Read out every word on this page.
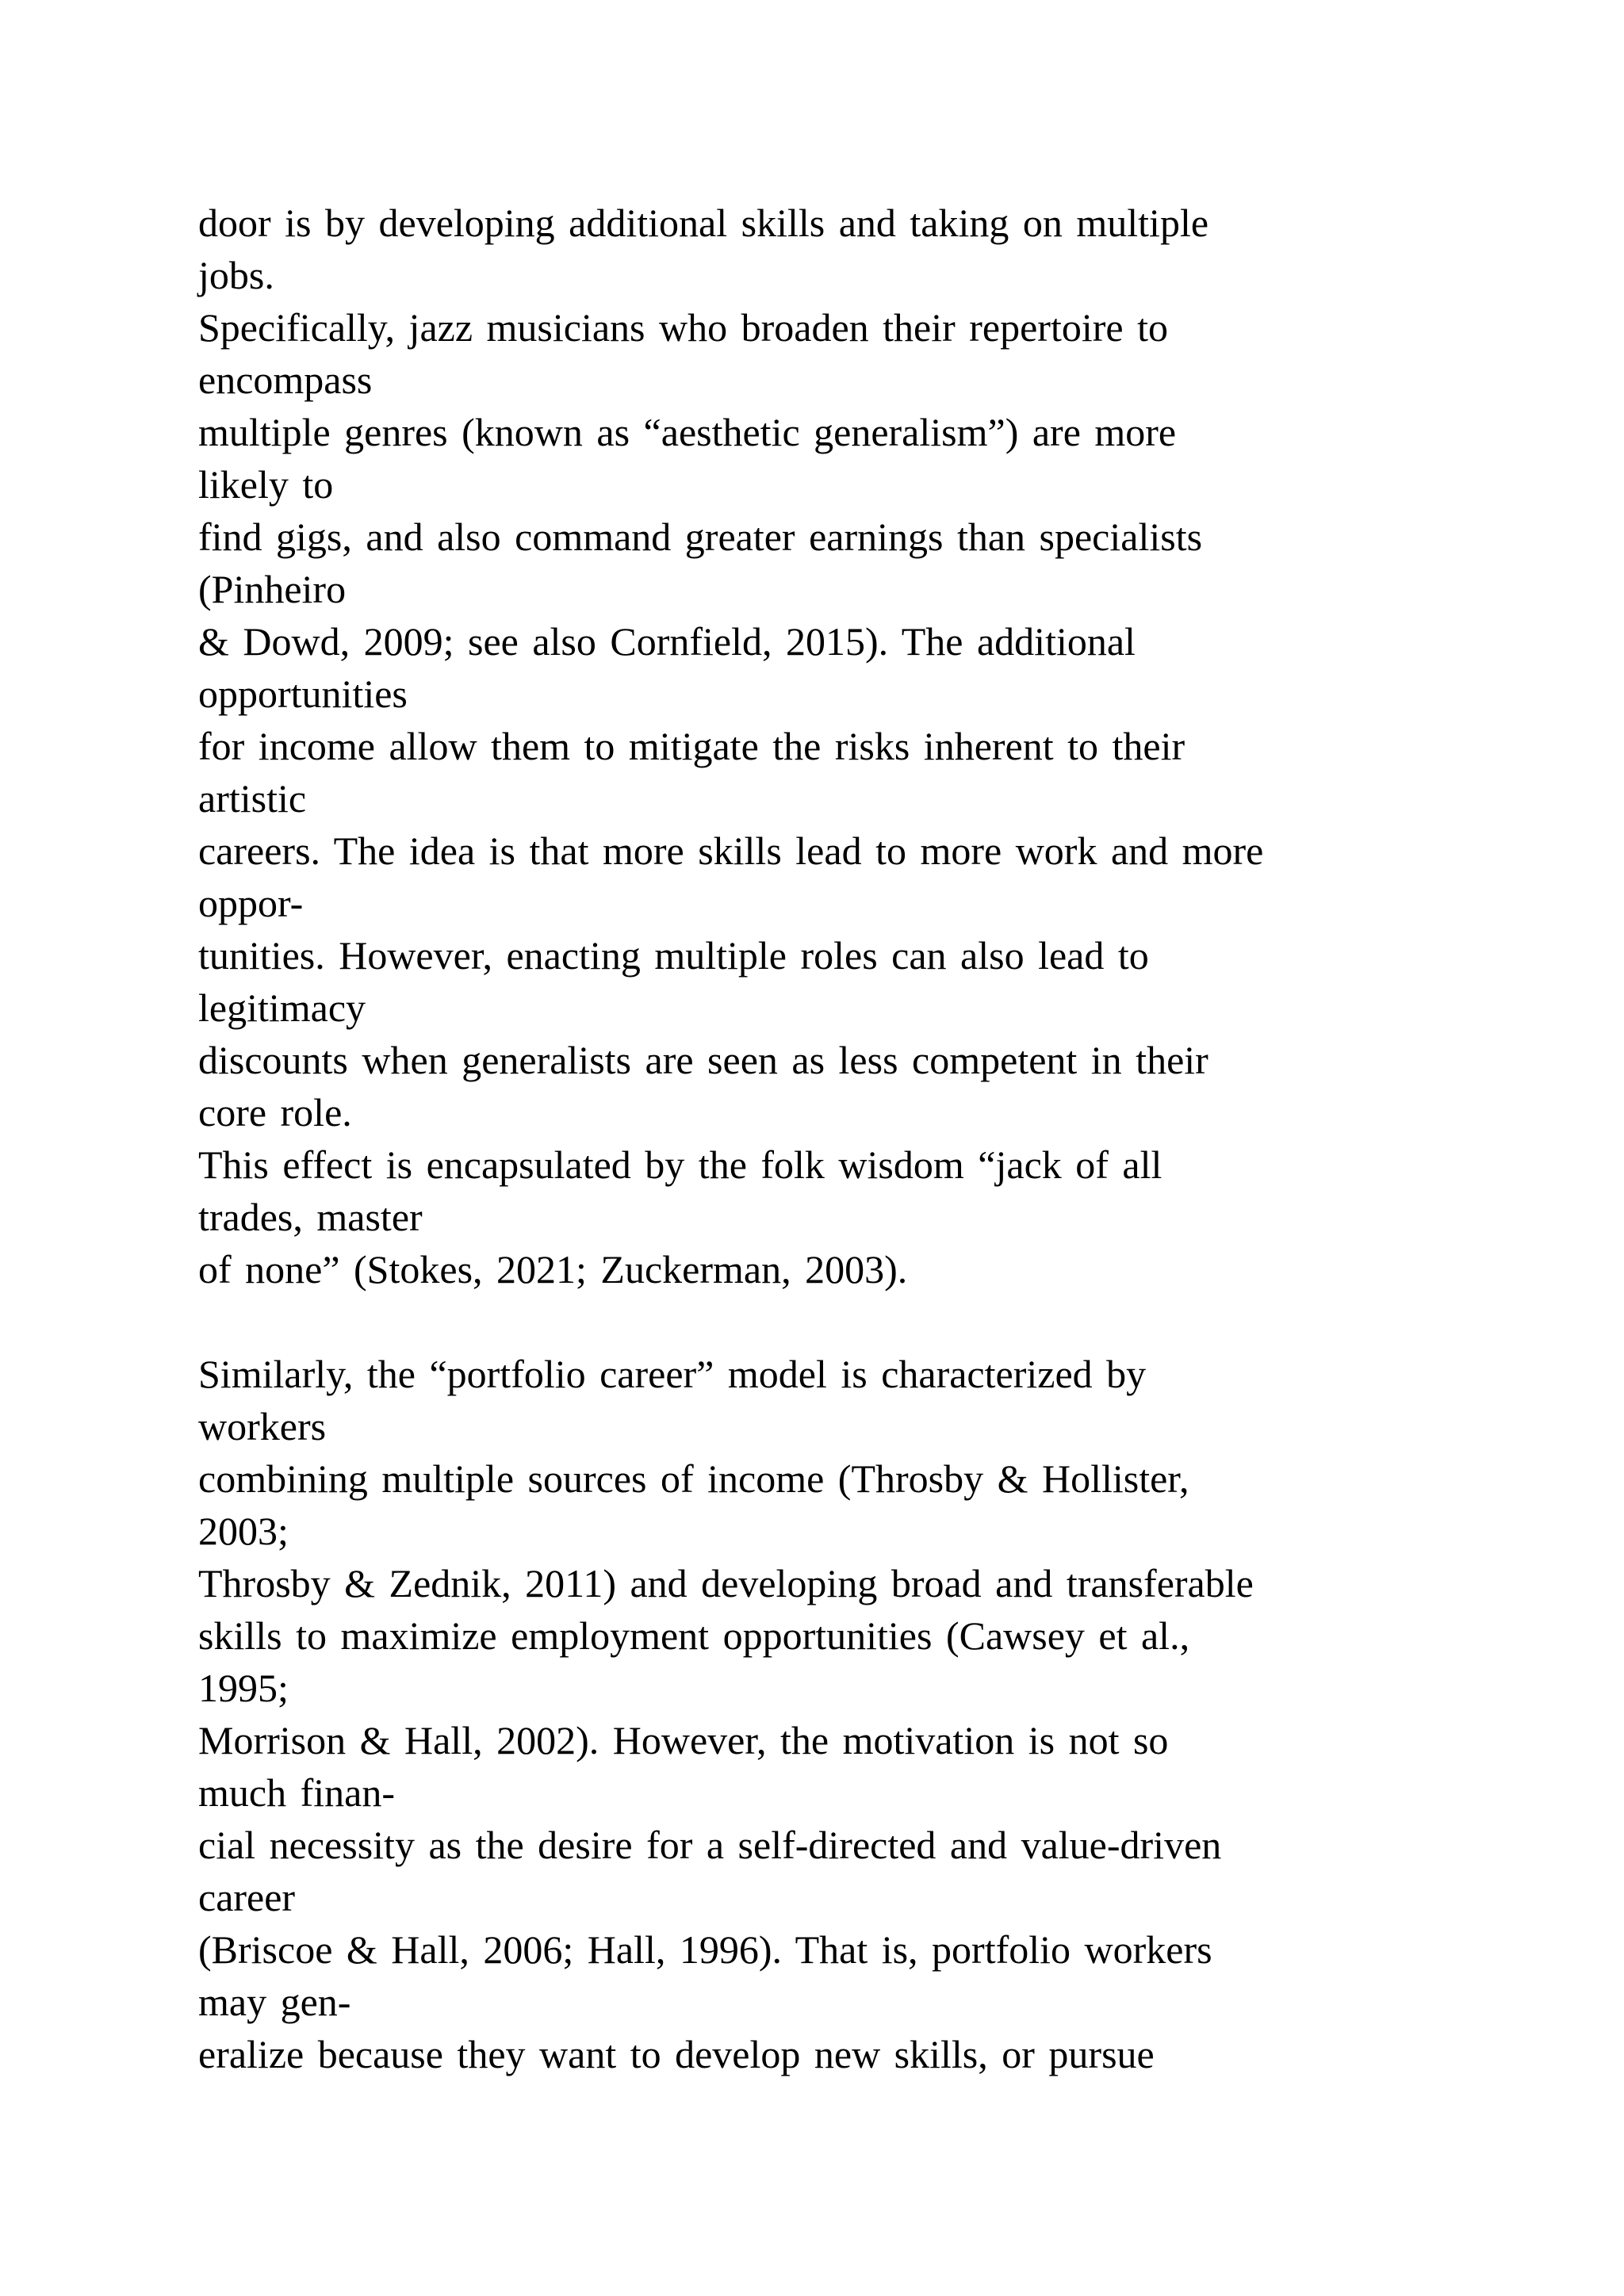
door is by developing additional skills and taking on multiple
jobs.
Specifically, jazz musicians who broaden their repertoire to
encompass
multiple genres (known as “aesthetic generalism”) are more
likely to
find gigs, and also command greater earnings than specialists
(Pinheiro
& Dowd, 2009; see also Cornfield, 2015). The additional
opportunities
for income allow them to mitigate the risks inherent to their
artistic
careers. The idea is that more skills lead to more work and more
oppor-
tunities. However, enacting multiple roles can also lead to
legitimacy
discounts when generalists are seen as less competent in their
core role.
This effect is encapsulated by the folk wisdom “jack of all
trades, master
of none” (Stokes, 2021; Zuckerman, 2003).
Similarly, the “portfolio career” model is characterized by
workers
combining multiple sources of income (Throsby & Hollister,
2003;
Throsby & Zednik, 2011) and developing broad and transferable
skills to maximize employment opportunities (Cawsey et al.,
1995;
Morrison & Hall, 2002). However, the motivation is not so
much finan-
cial necessity as the desire for a self-directed and value-driven
career
(Briscoe & Hall, 2006; Hall, 1996). That is, portfolio workers
may gen-
eralize because they want to develop new skills, or pursue
